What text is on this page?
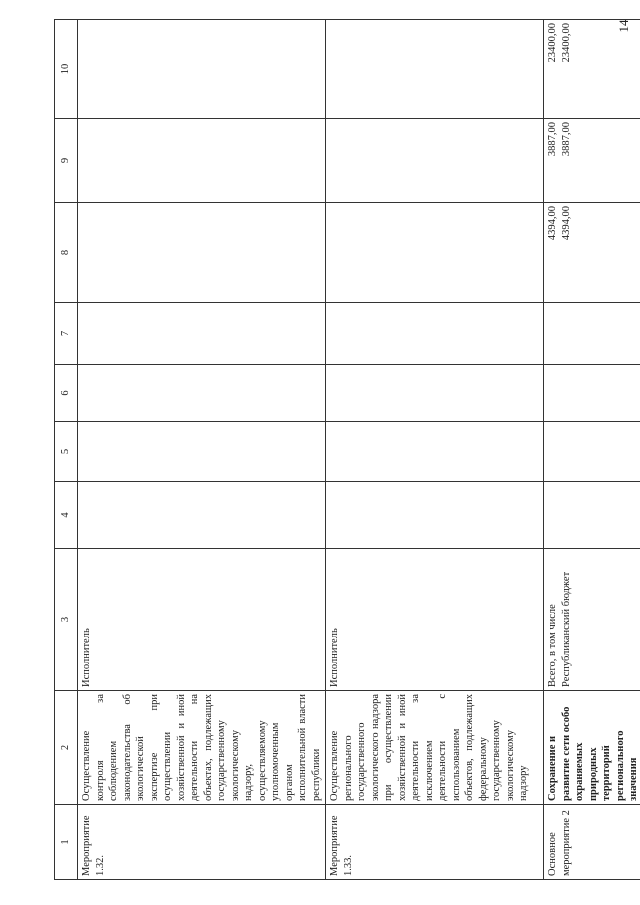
14
1	2	3	4	5	6	7	8	9	10
Мероприятие 1.32.	Осуществление контроля за соблюдением законодательства об экологической экспертизе при осуществлении хозяйственной и иной деятельности на объектах, подлежащих государственному экологическому надзору, осуществляемому уполномоченным органом исполнительной власти республики	Исполнитель							

Мероприятие 1.33.	Осуществление регионального государственного экологического надзора при осуществлении хозяйственной и иной деятельности за исключением деятельности с использованием объектов, подлежащих федеральному государственному экологическому надзору	Исполнитель							

Основное мероприятие 2	Сохранение и развитие сети особо охраняемых природных территорий регионального значения	Всего, в том числе Республиканский бюджет					4394,00 4394,00	3887,00 3887,00	23400,00 23400,00
